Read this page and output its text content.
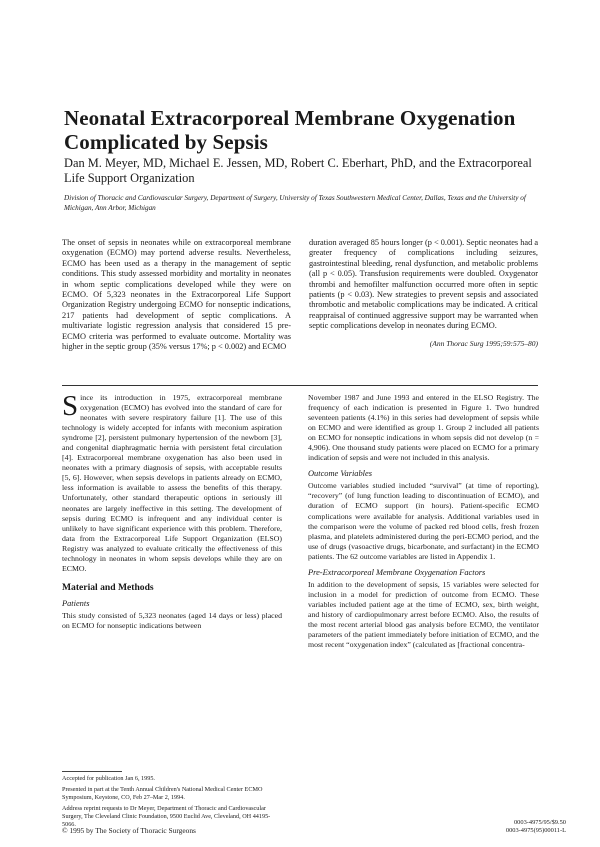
Neonatal Extracorporeal Membrane Oxygenation Complicated by Sepsis
Dan M. Meyer, MD, Michael E. Jessen, MD, Robert C. Eberhart, PhD, and the Extracorporeal Life Support Organization
Division of Thoracic and Cardiovascular Surgery, Department of Surgery, University of Texas Southwestern Medical Center, Dallas, Texas and the University of Michigan, Ann Arbor, Michigan

The onset of sepsis in neonates while on extracorporeal membrane oxygenation (ECMO) may portend adverse results. Nevertheless, ECMO has been used as a therapy in the management of septic conditions. This study assessed morbidity and mortality in neonates in whom septic complications developed while they were on ECMO. Of 5,323 neonates in the Extracorporeal Life Support Organization Registry undergoing ECMO for nonseptic indications, 217 patients had development of septic complications. A multivariate logistic regression analysis that considered 15 pre-ECMO criteria was performed to evaluate outcome. Mortality was higher in the septic group (35% versus 17%; p < 0.002) and ECMO

duration averaged 85 hours longer (p < 0.001). Septic neonates had a greater frequency of complications including seizures, gastrointestinal bleeding, renal dysfunction, and metabolic problems (all p < 0.05). Transfusion requirements were doubled. Oxygenator thrombi and hemofilter malfunction occurred more often in septic patients (p < 0.03). New strategies to prevent sepsis and associated thrombotic and metabolic complications may be indicated. A critical reappraisal of continued aggressive support may be warranted when septic complications develop in neonates during ECMO.

(Ann Thorac Surg 1995;59:575–80)

Since its introduction in 1975, extracorporeal membrane oxygenation (ECMO) has evolved into the standard of care for neonates with severe respiratory failure [1]. The use of this technology is widely accepted for infants with meconium aspiration syndrome [2], persistent pulmonary hypertension of the newborn [3], and congenital diaphragmatic hernia with persistent fetal circulation [4]. Extracorporeal membrane oxygenation has also been used in neonates with a primary diagnosis of sepsis, with acceptable results [5, 6]. However, when sepsis develops in patients already on ECMO, less information is available to assess the benefits of this therapy. Unfortunately, other standard therapeutic options in seriously ill neonates are largely ineffective in this setting. The development of sepsis during ECMO is infrequent and any individual center is unlikely to have significant experience with this problem. Therefore, data from the Extracorporeal Life Support Organization (ELSO) Registry was analyzed to evaluate critically the effectiveness of this technology in neonates in whom sepsis develops while they are on ECMO.

Material and Methods
Patients

This study consisted of 5,323 neonates (aged 14 days or less) placed on ECMO for nonseptic indications between

Accepted for publication Jan 6, 1995.

Presented in part at the Tenth Annual Children's National Medical Center ECMO Symposium, Keystone, CO, Feb 27–Mar 2, 1994.

Address reprint requests to Dr Meyer, Department of Thoracic and Cardiovascular Surgery, The Cleveland Clinic Foundation, 9500 Euclid Ave, Cleveland, OH 44195-5066.

November 1987 and June 1993 and entered in the ELSO Registry. The frequency of each indication is presented in Figure 1. Two hundred seventeen patients (4.1%) in this series had development of sepsis while on ECMO and were identified as group 1. Group 2 included all patients on ECMO for nonseptic indications in whom sepsis did not develop (n = 4,906). One thousand study patients were placed on ECMO for a primary indication of sepsis and were not included in this analysis.

Outcome Variables

Outcome variables studied included “survival” (at time of reporting), “recovery” (of lung function leading to discontinuation of ECMO), and duration of ECMO support (in hours). Patient-specific ECMO complications were available for analysis. Additional variables used in the comparison were the volume of packed red blood cells, fresh frozen plasma, and platelets administered during the peri-ECMO period, and the use of drugs (vasoactive drugs, bicarbonate, and surfactant) in the ECMO patients. The 62 outcome variables are listed in Appendix 1.

Pre-Extracorporeal Membrane Oxygenation Factors

In addition to the development of sepsis, 15 variables were selected for inclusion in a model for prediction of outcome from ECMO. These variables included patient age at the time of ECMO, sex, birth weight, and history of cardiopulmonary arrest before ECMO. Also, the results of the most recent arterial blood gas analysis before ECMO, the ventilator parameters of the patient immediately before initiation of ECMO, and the most recent “oxygenation index” (calculated as [fractional concentra-

© 1995 by The Society of Thoracic Surgeons
0003-4975/95/$9.50
0003-4975(95)00011-L
